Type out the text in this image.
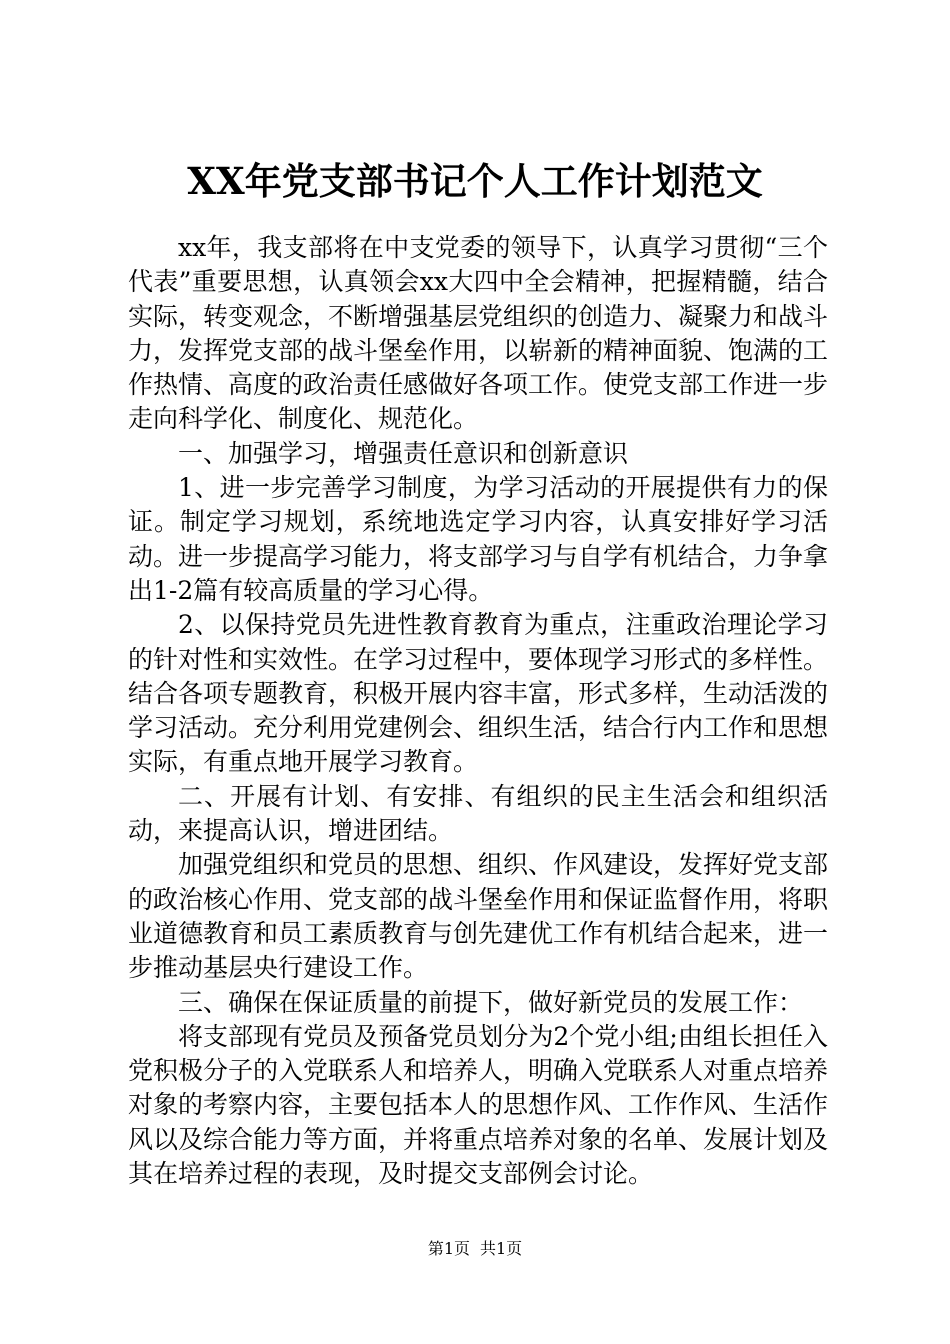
XX年党支部书记个人工作计划范文

xx年，我支部将在中支党委的领导下，认真学习贯彻“三个代表”重要思想，认真领会xx大四中全会精神，把握精髓，结合实际，转变观念，不断增强基层党组织的创造力、凝聚力和战斗力，发挥党支部的战斗堡垒作用，以崭新的精神面貌、饱满的工作热情、高度的政治责任感做好各项工作。使党支部工作进一步走向科学化、制度化、规范化。

一、加强学习，增强责任意识和创新意识

1、进一步完善学习制度，为学习活动的开展提供有力的保证。制定学习规划，系统地选定学习内容，认真安排好学习活动。进一步提高学习能力，将支部学习与自学有机结合，力争拿出1-2篇有较高质量的学习心得。

2、以保持党员先进性教育教育为重点，注重政治理论学习的针对性和实效性。在学习过程中，要体现学习形式的多样性。结合各项专题教育，积极开展内容丰富，形式多样，生动活泼的学习活动。充分利用党建例会、组织生活，结合行内工作和思想实际，有重点地开展学习教育。

二、开展有计划、有安排、有组织的民主生活会和组织活动，来提高认识，增进团结。

加强党组织和党员的思想、组织、作风建设，发挥好党支部的政治核心作用、党支部的战斗堡垒作用和保证监督作用，将职业道德教育和员工素质教育与创先建优工作有机结合起来，进一步推动基层央行建设工作。

三、确保在保证质量的前提下，做好新党员的发展工作：

将支部现有党员及预备党员划分为2个党小组;由组长担任入党积极分子的入党联系人和培养人，明确入党联系人对重点培养对象的考察内容，主要包括本人的思想作风、工作作风、生活作风以及综合能力等方面，并将重点培养对象的名单、发展计划及其在培养过程的表现，及时提交支部例会讨论。

第1页 共1页
